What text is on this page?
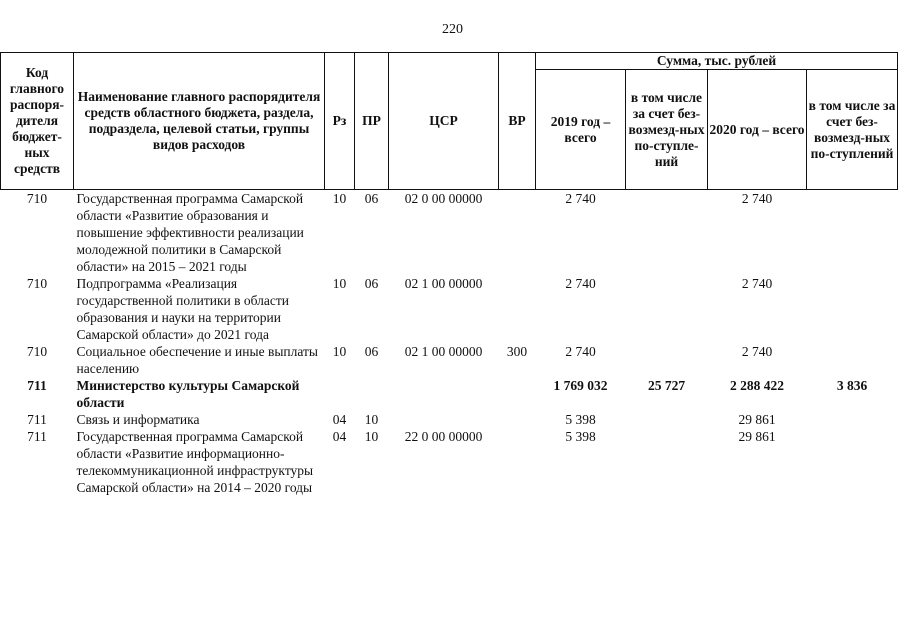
220
Код главного распоря-дителя бюджет-ных средств	Наименование главного распорядителя средств областного бюджета, раздела, подраздела, целевой статьи, группы видов расходов	Рз	ПР	ЦСР	ВР	Сумма, тыс. рублей			
						2019 год – всего	в том числе за счет без-возмезд-ных по-ступле-ний	2020 год – всего	в том числе за счет без-возмезд-ных по-ступлений
710	Государственная программа Самарской области «Развитие образования и повышение эффективности реализации молодежной политики в Самарской области» на 2015 – 2021 годы	10	06	02 0 00 00000		2 740		2 740	
710	Подпрограмма «Реализация государственной политики в области образования и науки на территории Самарской области» до 2021 года	10	06	02 1 00 00000		2 740		2 740	
710	Социальное обеспечение и иные выплаты населению	10	06	02 1 00 00000	300	2 740		2 740	
711	Министерство культуры Самарской области					1 769 032	25 727	2 288 422	3 836
711	Связь и информатика	04	10			5 398		29 861	
711	Государственная программа Самарской области «Развитие информационно-телекоммуникационной инфраструктуры Самарской области» на 2014 – 2020 годы	04	10	22 0 00 00000		5 398		29 861	
